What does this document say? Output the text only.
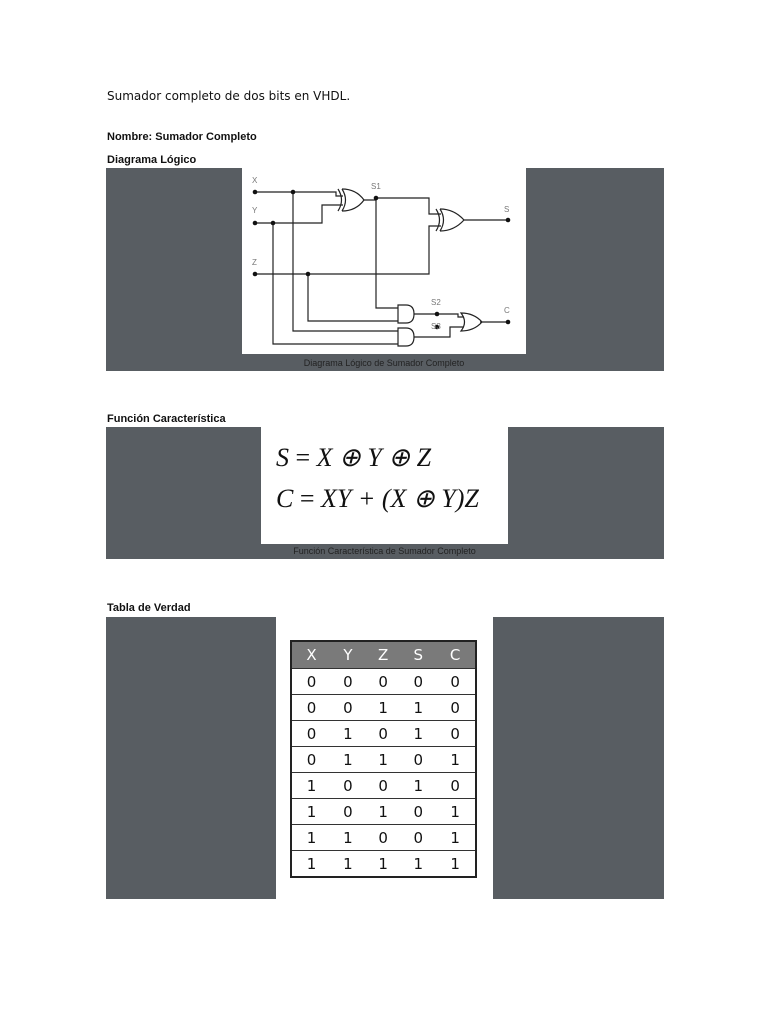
Sumador completo de dos bits en VHDL.
Nombre: Sumador Completo
Diagrama Lógico
X
Y
Z
S1
S2
S3
S
C
Diagrama Lógico de Sumador Completo
Función Característica
S = X ⊕ Y ⊕ Z
C = XY + (X ⊕ Y)Z
Función Característica de Sumador Completo
Tabla de Verdad
X	Y	Z	S	C
0	0	0	0	0
0	0	1	1	0
0	1	0	1	0
0	1	1	0	1
1	0	0	1	0
1	0	1	0	1
1	1	0	0	1
1	1	1	1	1
